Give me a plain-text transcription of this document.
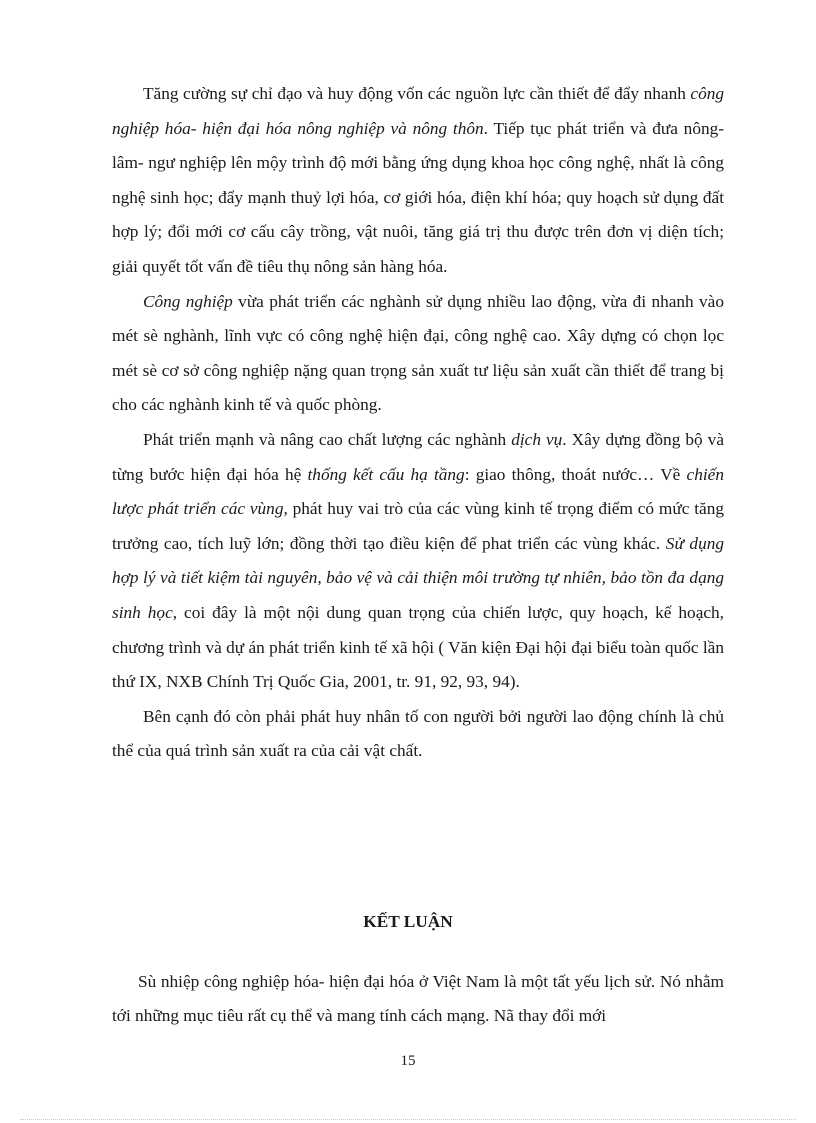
Tăng cường sự chỉ đạo và huy động vốn các nguồn lực cần thiết để đẩy nhanh công nghiệp hóa- hiện đại hóa nông nghiệp và nông thôn. Tiếp tục phát triển và đưa nông- lâm- ngư nghiệp lên mộy trình độ mới bằng ứng dụng khoa học công nghệ, nhất là công nghệ sinh học; đẩy mạnh thuỷ lợi hóa, cơ giới hóa, điện khí hóa; quy hoạch sử dụng đất hợp lý; đổi mới cơ cấu cây trồng, vật nuôi, tăng giá trị thu được trên đơn vị diện tích; giải quyết tốt vấn đề tiêu thụ nông sản hàng hóa.

Công nghiệp vừa phát triển các nghành sử dụng nhiều lao động, vừa đi nhanh vào mét sè nghành, lĩnh vực có công nghệ hiện đại, công nghệ cao. Xây dựng có chọn lọc mét sè cơ sở công nghiệp nặng quan trọng sản xuất tư liệu sản xuất cần thiết để trang bị cho các nghành kinh tế và quốc phòng.

Phát triển mạnh và nâng cao chất lượng các nghành dịch vụ. Xây dựng đồng bộ và từng bước hiện đại hóa hệ thống kết cấu hạ tầng: giao thông, thoát nước… Về chiến lược phát triển các vùng, phát huy vai trò của các vùng kinh tế trọng điểm có mức tăng trưởng cao, tích luỹ lớn; đồng thời tạo điều kiện để phat triển các vùng khác. Sử dụng hợp lý và tiết kiệm tài nguyên, bảo vệ và cải thiện môi trường tự nhiên, bảo tồn đa dạng sinh học, coi đây là một nội dung quan trọng của chiến lược, quy hoạch, kế hoạch, chương trình và dự án phát triển kinh tế xã hội ( Văn kiện Đại hội đại biểu toàn quốc lần thứ IX, NXB Chính Trị Quốc Gia, 2001, tr. 91, 92, 93, 94).

Bên cạnh đó còn phải phát huy nhân tố con người bởi người lao động chính là chủ thể của quá trình sản xuất ra của cải vật chất.

KẾT LUẬN

Sù nhiệp công nghiệp hóa- hiện đại hóa ở Việt Nam là một tất yếu lịch sử. Nó nhằm tới những mục tiêu rất cụ thể và mang tính cách mạng. Nã thay đổi mới

15
